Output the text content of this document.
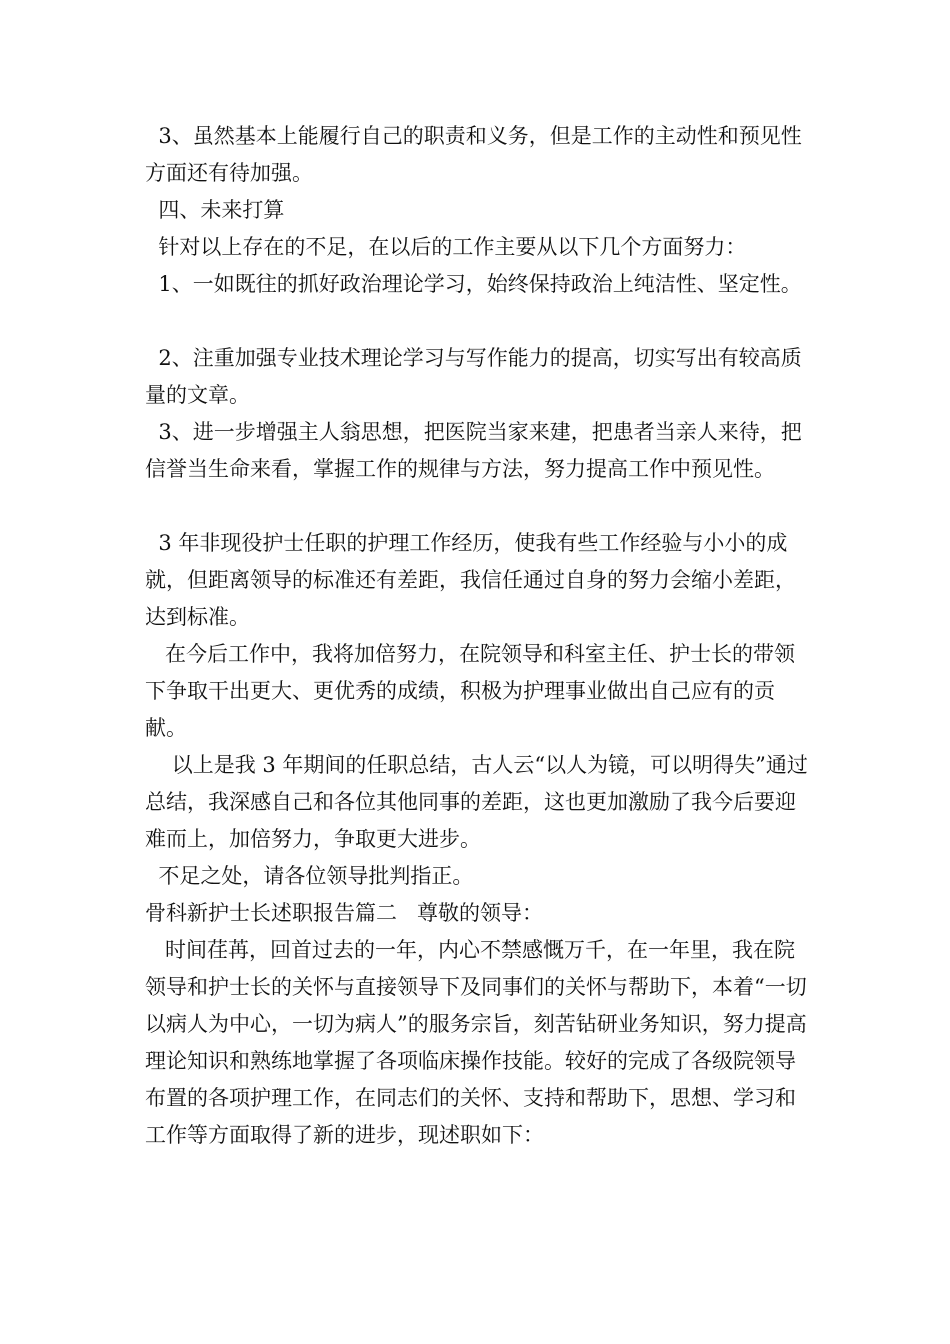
3、虽然基本上能履行自己的职责和义务，但是工作的主动性和预见性方面还有待加强。

四、未来打算

针对以上存在的不足，在以后的工作主要从以下几个方面努力：

1、一如既往的抓好政治理论学习，始终保持政治上纯洁性、坚定性。

2、注重加强专业技术理论学习与写作能力的提高，切实写出有较高质量的文章。

3、进一步增强主人翁思想，把医院当家来建，把患者当亲人来待，把信誉当生命来看，掌握工作的规律与方法，努力提高工作中预见性。

3 年非现役护士任职的护理工作经历，使我有些工作经验与小小的成就，但距离领导的标准还有差距，我信任通过自身的努力会缩小差距，达到标准。

在今后工作中，我将加倍努力，在院领导和科室主任、护士长的带领下争取干出更大、更优秀的成绩，积极为护理事业做出自己应有的贡献。

以上是我 3 年期间的任职总结，古人云“以人为镜，可以明得失”通过总结，我深感自己和各位其他同事的差距，这也更加激励了我今后要迎难而上，加倍努力，争取更大进步。

不足之处，请各位领导批判指正。

骨科新护士长述职报告篇二   尊敬的领导：

时间荏苒，回首过去的一年，内心不禁感慨万千，在一年里，我在院领导和护士长的关怀与直接领导下及同事们的关怀与帮助下，本着“一切以病人为中心，一切为病人”的服务宗旨，刻苦钻研业务知识，努力提高理论知识和熟练地掌握了各项临床操作技能。较好的完成了各级院领导布置的各项护理工作，在同志们的关怀、支持和帮助下，思想、学习和工作等方面取得了新的进步，现述职如下：
